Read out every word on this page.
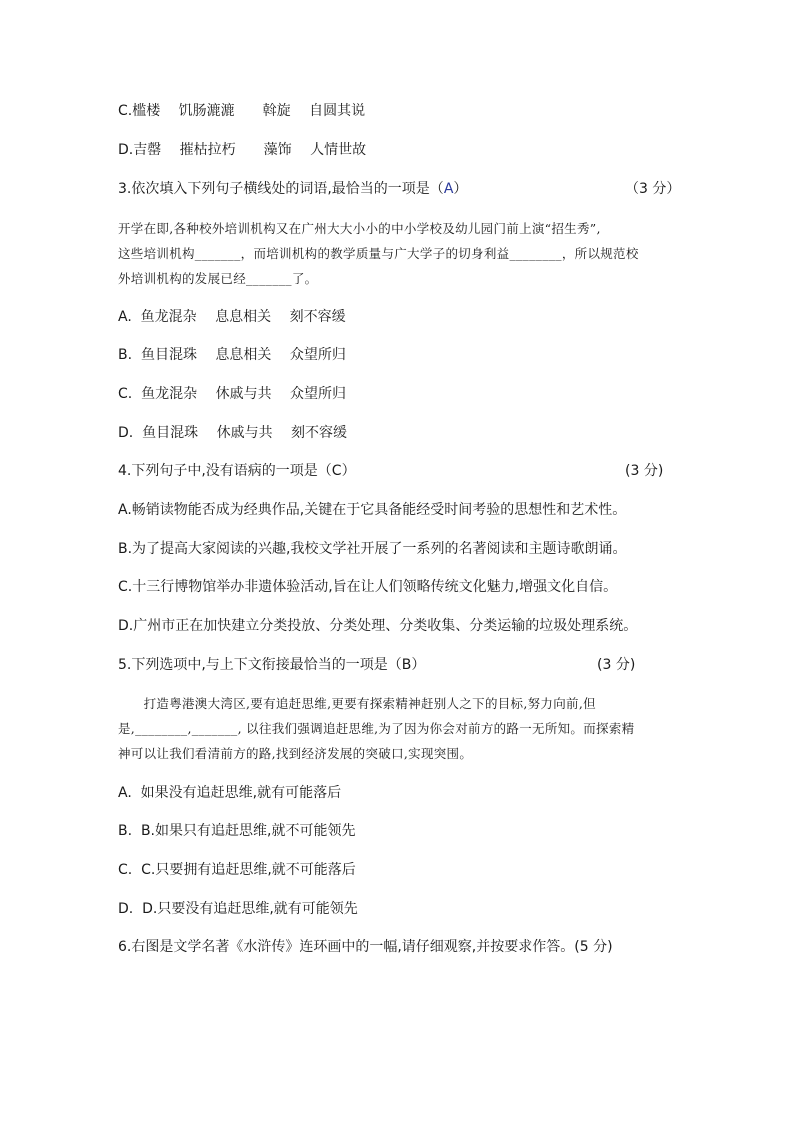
C.槛楼　 饥肠漉漉　　斡旋　 自圆其说
D.吉罄　 摧枯拉朽　　藻饰　 人情世故
3.依次填入下列句子横线处的词语,最恰当的一项是（A）	（3 分）
开学在即,各种校外培训机构又在广州大大小小的中小学校及幼儿园门前上演“招生秀”,
这些培训机构_______，而培训机构的教学质量与广大学子的切身利益________，所以规范校
外培训机构的发展已经_______了。
A.  鱼龙混杂　 息息相关　 刻不容缓
B.  鱼目混珠　 息息相关　 众望所归
C.  鱼龙混杂　 休戚与共　 众望所归
D.  鱼目混珠　 休戚与共　 刻不容缓
4.下列句子中,没有语病的一项是（C）	(3 分)
A.畅销读物能否成为经典作品,关键在于它具备能经受时间考验的思想性和艺术性。
B.为了提高大家阅读的兴趣,我校文学社开展了一系列的名著阅读和主题诗歌朗诵。
C.十三行博物馆举办非遗体验活动,旨在让人们领略传统文化魅力,增强文化自信。
D.广州市正在加快建立分类投放、分类处理、分类收集、分类运输的垃圾处理系统。
5.下列选项中,与上下文衔接最恰当的一项是（B）	(3 分)
　　打造粤港澳大湾区,要有追赶思维,更要有探索精神赶别人之下的目标,努力向前,但
是,________,_______, 以往我们强调追赶思维,为了因为你会对前方的路一无所知。而探索精
神可以让我们看清前方的路,找到经济发展的突破口,实现突围。
A.  如果没有追赶思维,就有可能落后
B.  B.如果只有追赶思维,就不可能领先
C.  C.只要拥有追赶思维,就不可能落后
D.  D.只要没有追赶思维,就有可能领先
6.右图是文学名著《水浒传》连环画中的一幅,请仔细观察,并按要求作答。(5 分)
